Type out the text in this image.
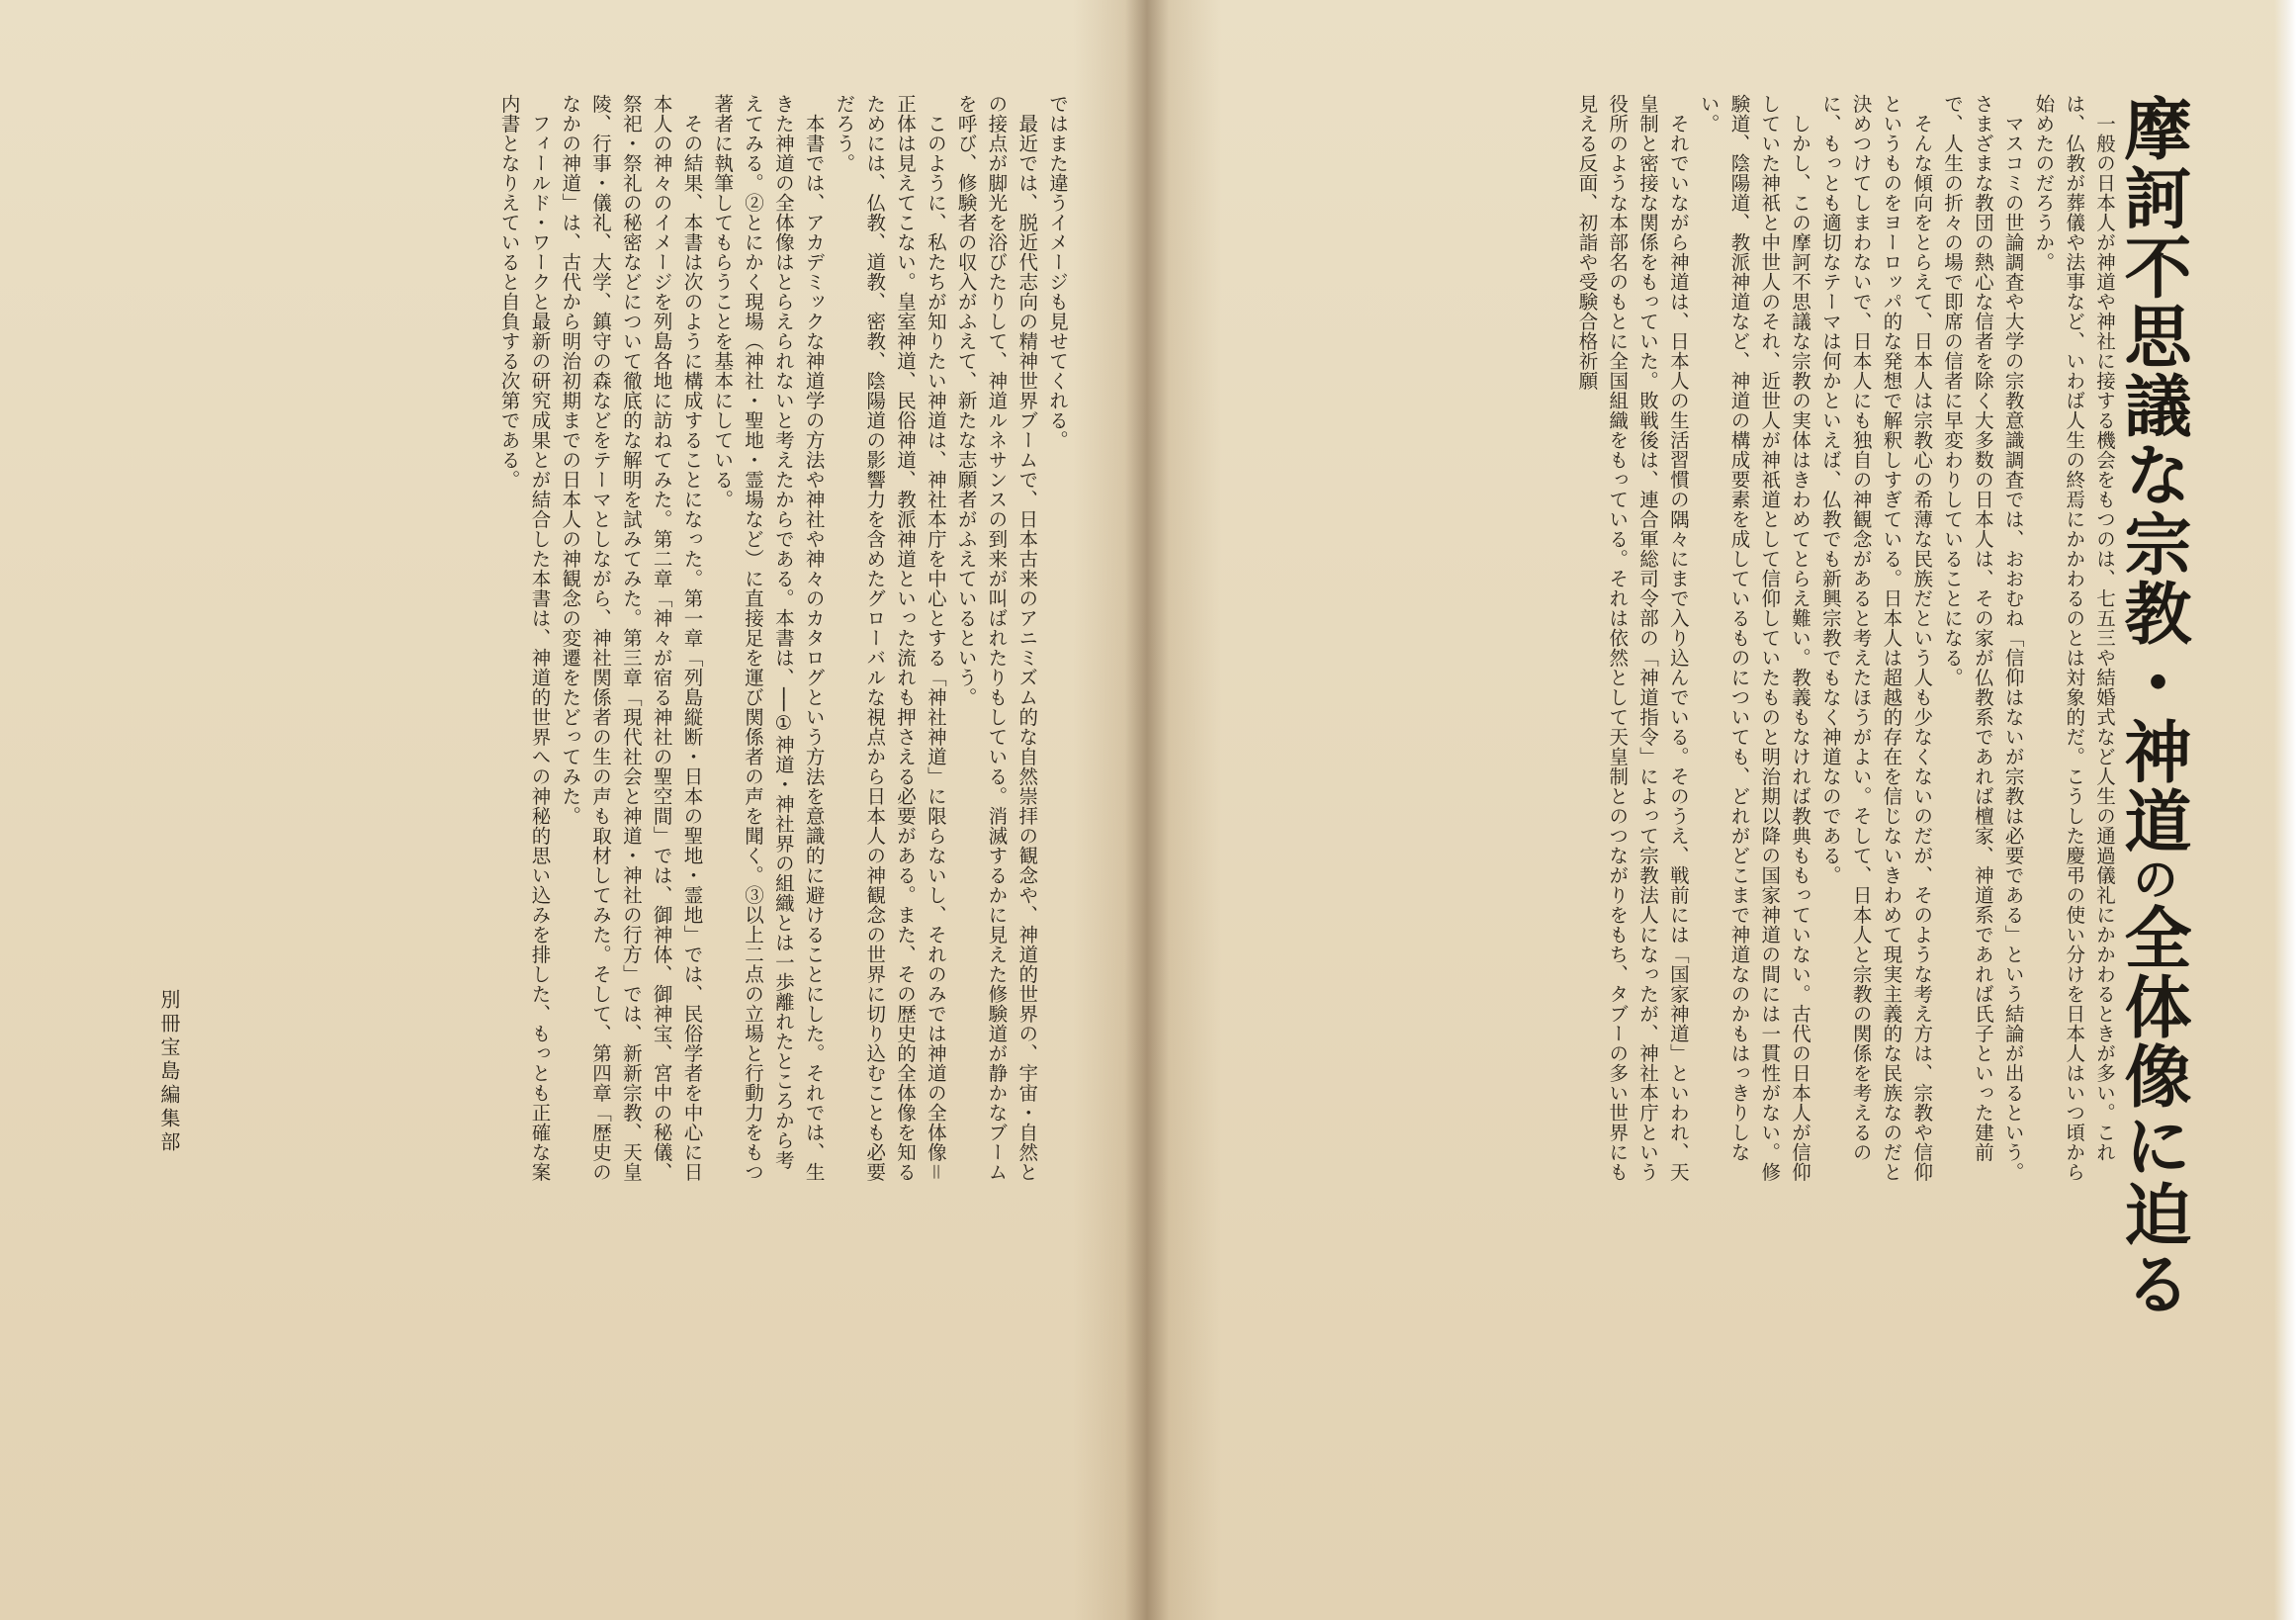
摩訶不思議な宗教・神道の全体像に迫る

一般の日本人が神道や神社に接する機会をもつのは、七五三や結婚式など人生の通過儀礼にかかわるときが多い。これは、仏教が葬儀や法事など、いわば人生の終焉にかかわるのとは対象的だ。こうした慶弔の使い分けを日本人はいつ頃から始めたのだろうか。

マスコミの世論調査や大学の宗教意識調査では、おおむね「信仰はないが宗教は必要である」という結論が出るという。さまざまな教団の熱心な信者を除く大多数の日本人は、その家が仏教系であれば檀家、神道系であれば氏子といった建前で、人生の折々の場で即席の信者に早変わりしていることになる。

そんな傾向をとらえて、日本人は宗教心の希薄な民族だという人も少なくないのだが、そのような考え方は、宗教や信仰というものをヨーロッパ的な発想で解釈しすぎている。日本人は超越的存在を信じないきわめて現実主義的な民族なのだと決めつけてしまわないで、日本人にも独自の神観念があると考えたほうがよい。そして、日本人と宗教の関係を考えるのに、もっとも適切なテーマは何かといえば、仏教でも新興宗教でもなく神道なのである。

しかし、この摩訶不思議な宗教の実体はきわめてとらえ難い。教義もなければ教典ももっていない。古代の日本人が信仰していた神祇と中世人のそれ、近世人が神祇道として信仰していたものと明治期以降の国家神道の間には一貫性がない。修験道、陰陽道、教派神道など、神道の構成要素を成しているものについても、どれがどこまで神道なのかもはっきりしない。

それでいながら神道は、日本人の生活習慣の隅々にまで入り込んでいる。そのうえ、戦前には「国家神道」といわれ、天皇制と密接な関係をもっていた。敗戦後は、連合軍総司令部の「神道指令」によって宗教法人になったが、神社本庁という役所のような本部名のもとに全国組織をもっている。それは依然として天皇制とのつながりをもち、タブーの多い世界にも見える反面、初詣や受験合格祈願

ではまた違うイメージも見せてくれる。

最近では、脱近代志向の精神世界ブームで、日本古来のアニミズム的な自然崇拝の観念や、神道的世界の、宇宙・自然との接点が脚光を浴びたりして、神道ルネサンスの到来が叫ばれたりもしている。消滅するかに見えた修験道が静かなブームを呼び、修験者の収入がふえて、新たな志願者がふえているという。

このように、私たちが知りたい神道は、神社本庁を中心とする「神社神道」に限らないし、それのみでは神道の全体像＝正体は見えてこない。皇室神道、民俗神道、教派神道といった流れも押さえる必要がある。また、その歴史的全体像を知るためには、仏教、道教、密教、陰陽道の影響力を含めたグローバルな視点から日本人の神観念の世界に切り込むことも必要だろう。

本書では、アカデミックな神道学の方法や神社や神々のカタログという方法を意識的に避けることにした。それでは、生きた神道の全体像はとらえられないと考えたからである。本書は、──①神道・神社界の組織とは一歩離れたところから考えてみる。②とにかく現場（神社・聖地・霊場など）に直接足を運び関係者の声を聞く。③以上二点の立場と行動力をもつ著者に執筆してもらうことを基本にしている。

その結果、本書は次のように構成することになった。第一章「列島縦断・日本の聖地・霊地」では、民俗学者を中心に日本人の神々のイメージを列島各地に訪ねてみた。第二章「神々が宿る神社の聖空間」では、御神体、御神宝、宮中の秘儀、祭祀・祭礼の秘密などについて徹底的な解明を試みてみた。第三章「現代社会と神道・神社の行方」では、新新宗教、天皇陵、行事・儀礼、大学、鎮守の森などをテーマとしながら、神社関係者の生の声も取材してみた。そして、第四章「歴史のなかの神道」は、古代から明治初期までの日本人の神観念の変遷をたどってみた。

フィールド・ワークと最新の研究成果とが結合した本書は、神道的世界への神秘的思い込みを排した、もっとも正確な案内書となりえていると自負する次第である。

別冊宝島編集部
